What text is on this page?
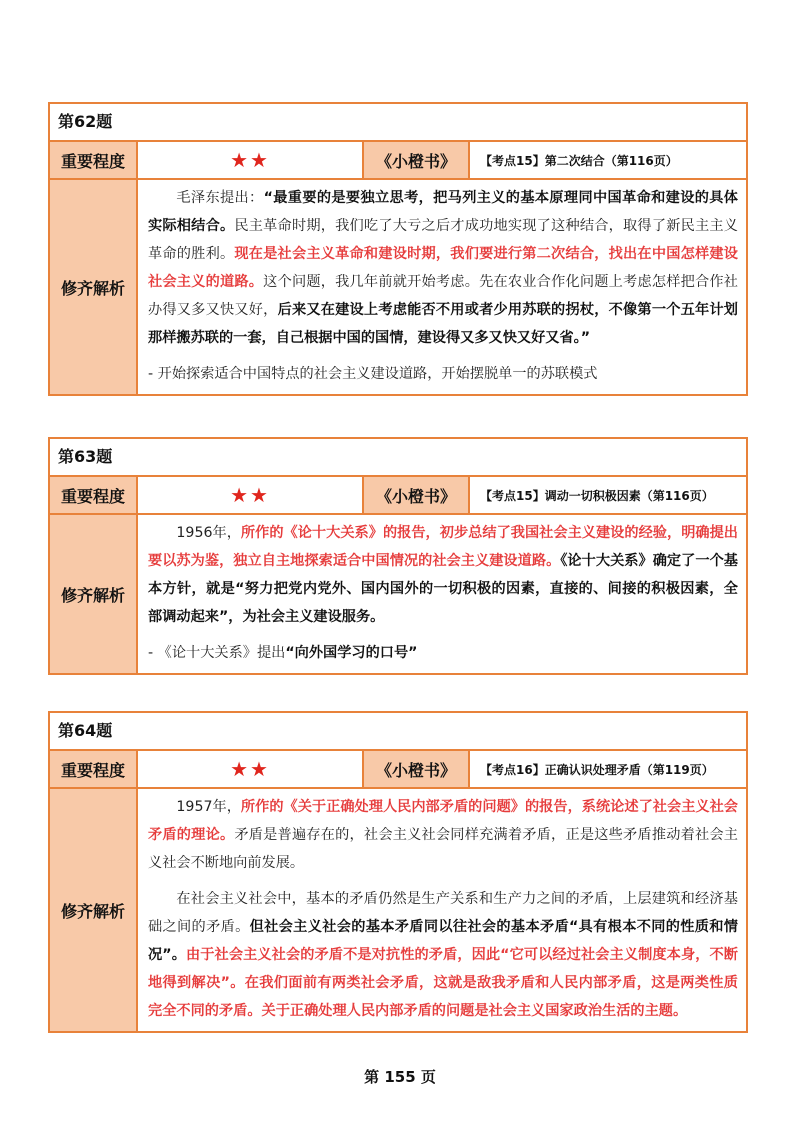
第62题
重要程度	★★	《小橙书》	【考点15】第二次结合（第116页）
修齐解析

毛泽东提出：“最重要的是要独立思考，把马列主义的基本原理同中国革命和建设的具体实际相结合。民主革命时期，我们吃了大亏之后才成功地实现了这种结合，取得了新民主主义革命的胜利。现在是社会主义革命和建设时期，我们要进行第二次结合，找出在中国怎样建设社会主义的道路。这个问题，我几年前就开始考虑。先在农业合作化问题上考虑怎样把合作社办得又多又快又好，后来又在建设上考虑能否不用或者少用苏联的拐杖，不像第一个五年计划那样搬苏联的一套，自己根据中国的国情，建设得又多又快又好又省。”

- 开始探索适合中国特点的社会主义建设道路，开始摆脱单一的苏联模式

第63题
重要程度	★★	《小橙书》	【考点15】调动一切积极因素（第116页）
修齐解析

1956年，所作的《论十大关系》的报告，初步总结了我国社会主义建设的经验，明确提出要以苏为鉴，独立自主地探索适合中国情况的社会主义建设道路。《论十大关系》确定了一个基本方针，就是“努力把党内党外、国内国外的一切积极的因素，直接的、间接的积极因素，全部调动起来”，为社会主义建设服务。

- 《论十大关系》提出“向外国学习的口号”

第64题
重要程度	★★	《小橙书》	【考点16】正确认识处理矛盾（第119页）
修齐解析

1957年，所作的《关于正确处理人民内部矛盾的问题》的报告，系统论述了社会主义社会矛盾的理论。矛盾是普遍存在的，社会主义社会同样充满着矛盾，正是这些矛盾推动着社会主义社会不断地向前发展。

在社会主义社会中，基本的矛盾仍然是生产关系和生产力之间的矛盾，上层建筑和经济基础之间的矛盾。但社会主义社会的基本矛盾同以往社会的基本矛盾“具有根本不同的性质和情况”。由于社会主义社会的矛盾不是对抗性的矛盾，因此“它可以经过社会主义制度本身，不断地得到解决”。在我们面前有两类社会矛盾，这就是敌我矛盾和人民内部矛盾，这是两类性质完全不同的矛盾。关于正确处理人民内部矛盾的问题是社会主义国家政治生活的主题。

第 155 页
